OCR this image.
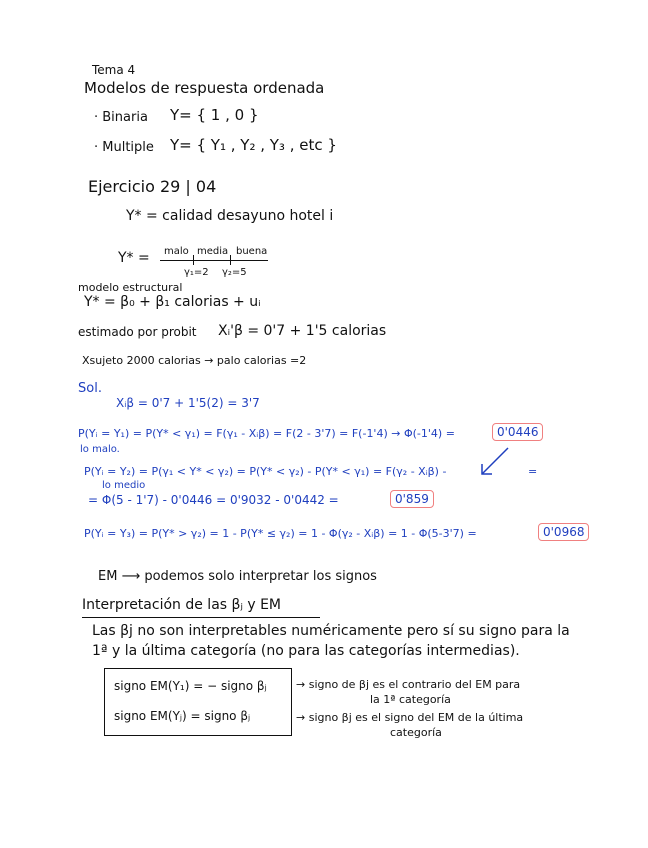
Tema 4
Modelos de respuesta ordenada
· Binaria Y= { 1 , 0 }
· Multiple Y= { Y₁ , Y₂ , Y₃ , etc }
Ejercicio 29 | 04
Y* = calidad desayuno hotel i
Y* = malo media buena
γ₁=2 γ₂=5
modelo estructural
Y* = β₀ + β₁ calorias + uᵢ
estimado por probit Xᵢ'β = 0'7 + 1'5 calorias
Xsujeto 2000 calorias → palo calorias =2
Sol.
Xᵢβ = 0'7 + 1'5(2) = 3'7
P(Yᵢ = Y₁) = P(Y* < γ₁) = F(γ₁ - Xᵢβ) = F(2 - 3'7) = F(-1'4) → Φ(-1'4) =	0'0446
lo malo.
P(Yᵢ = Y₂) = P(γ₁ < Y* < γ₂) = P(Y* < γ₂) - P(Y* < γ₁) = F(γ₂ - Xᵢβ) -	=
lo medio
= Φ(5 - 1'7) - 0'0446 = 0'9032 - 0'0442 =	0'859
P(Yᵢ = Y₃) = P(Y* > γ₂) = 1 - P(Y* ≤ γ₂) = 1 - Φ(γ₂ - Xᵢβ) = 1 - Φ(5-3'7) =	0'0968
EM ⟶ podemos solo interpretar los signos
Interpretación de las βⱼ y EM
Las βj no son interpretables numéricamente pero sí su signo para la
1ª y la última categoría (no para las categorías intermedias).
signo EM(Y₁) = − signo βⱼ
signo EM(Yⱼ) = signo βⱼ
→ signo de βj es el contrario del EM para
la 1ª categoría
→ signo βj es el signo del EM de la última
categoría
